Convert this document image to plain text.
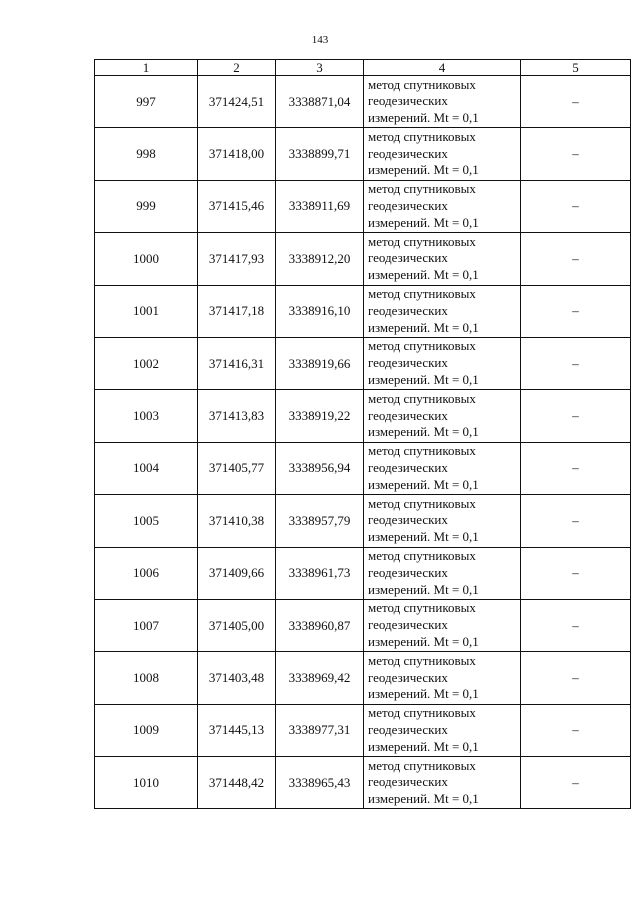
143
1	2	3	4	5
997	371424,51	3338871,04	метод спутниковых
геодезических
измерений. Mt = 0,1	–
998	371418,00	3338899,71	метод спутниковых
геодезических
измерений. Mt = 0,1	–
999	371415,46	3338911,69	метод спутниковых
геодезических
измерений. Mt = 0,1	–
1000	371417,93	3338912,20	метод спутниковых
геодезических
измерений. Mt = 0,1	–
1001	371417,18	3338916,10	метод спутниковых
геодезических
измерений. Mt = 0,1	–
1002	371416,31	3338919,66	метод спутниковых
геодезических
измерений. Mt = 0,1	–
1003	371413,83	3338919,22	метод спутниковых
геодезических
измерений. Mt = 0,1	–
1004	371405,77	3338956,94	метод спутниковых
геодезических
измерений. Mt = 0,1	–
1005	371410,38	3338957,79	метод спутниковых
геодезических
измерений. Mt = 0,1	–
1006	371409,66	3338961,73	метод спутниковых
геодезических
измерений. Mt = 0,1	–
1007	371405,00	3338960,87	метод спутниковых
геодезических
измерений. Mt = 0,1	–
1008	371403,48	3338969,42	метод спутниковых
геодезических
измерений. Mt = 0,1	–
1009	371445,13	3338977,31	метод спутниковых
геодезических
измерений. Mt = 0,1	–
1010	371448,42	3338965,43	метод спутниковых
геодезических
измерений. Mt = 0,1	–
